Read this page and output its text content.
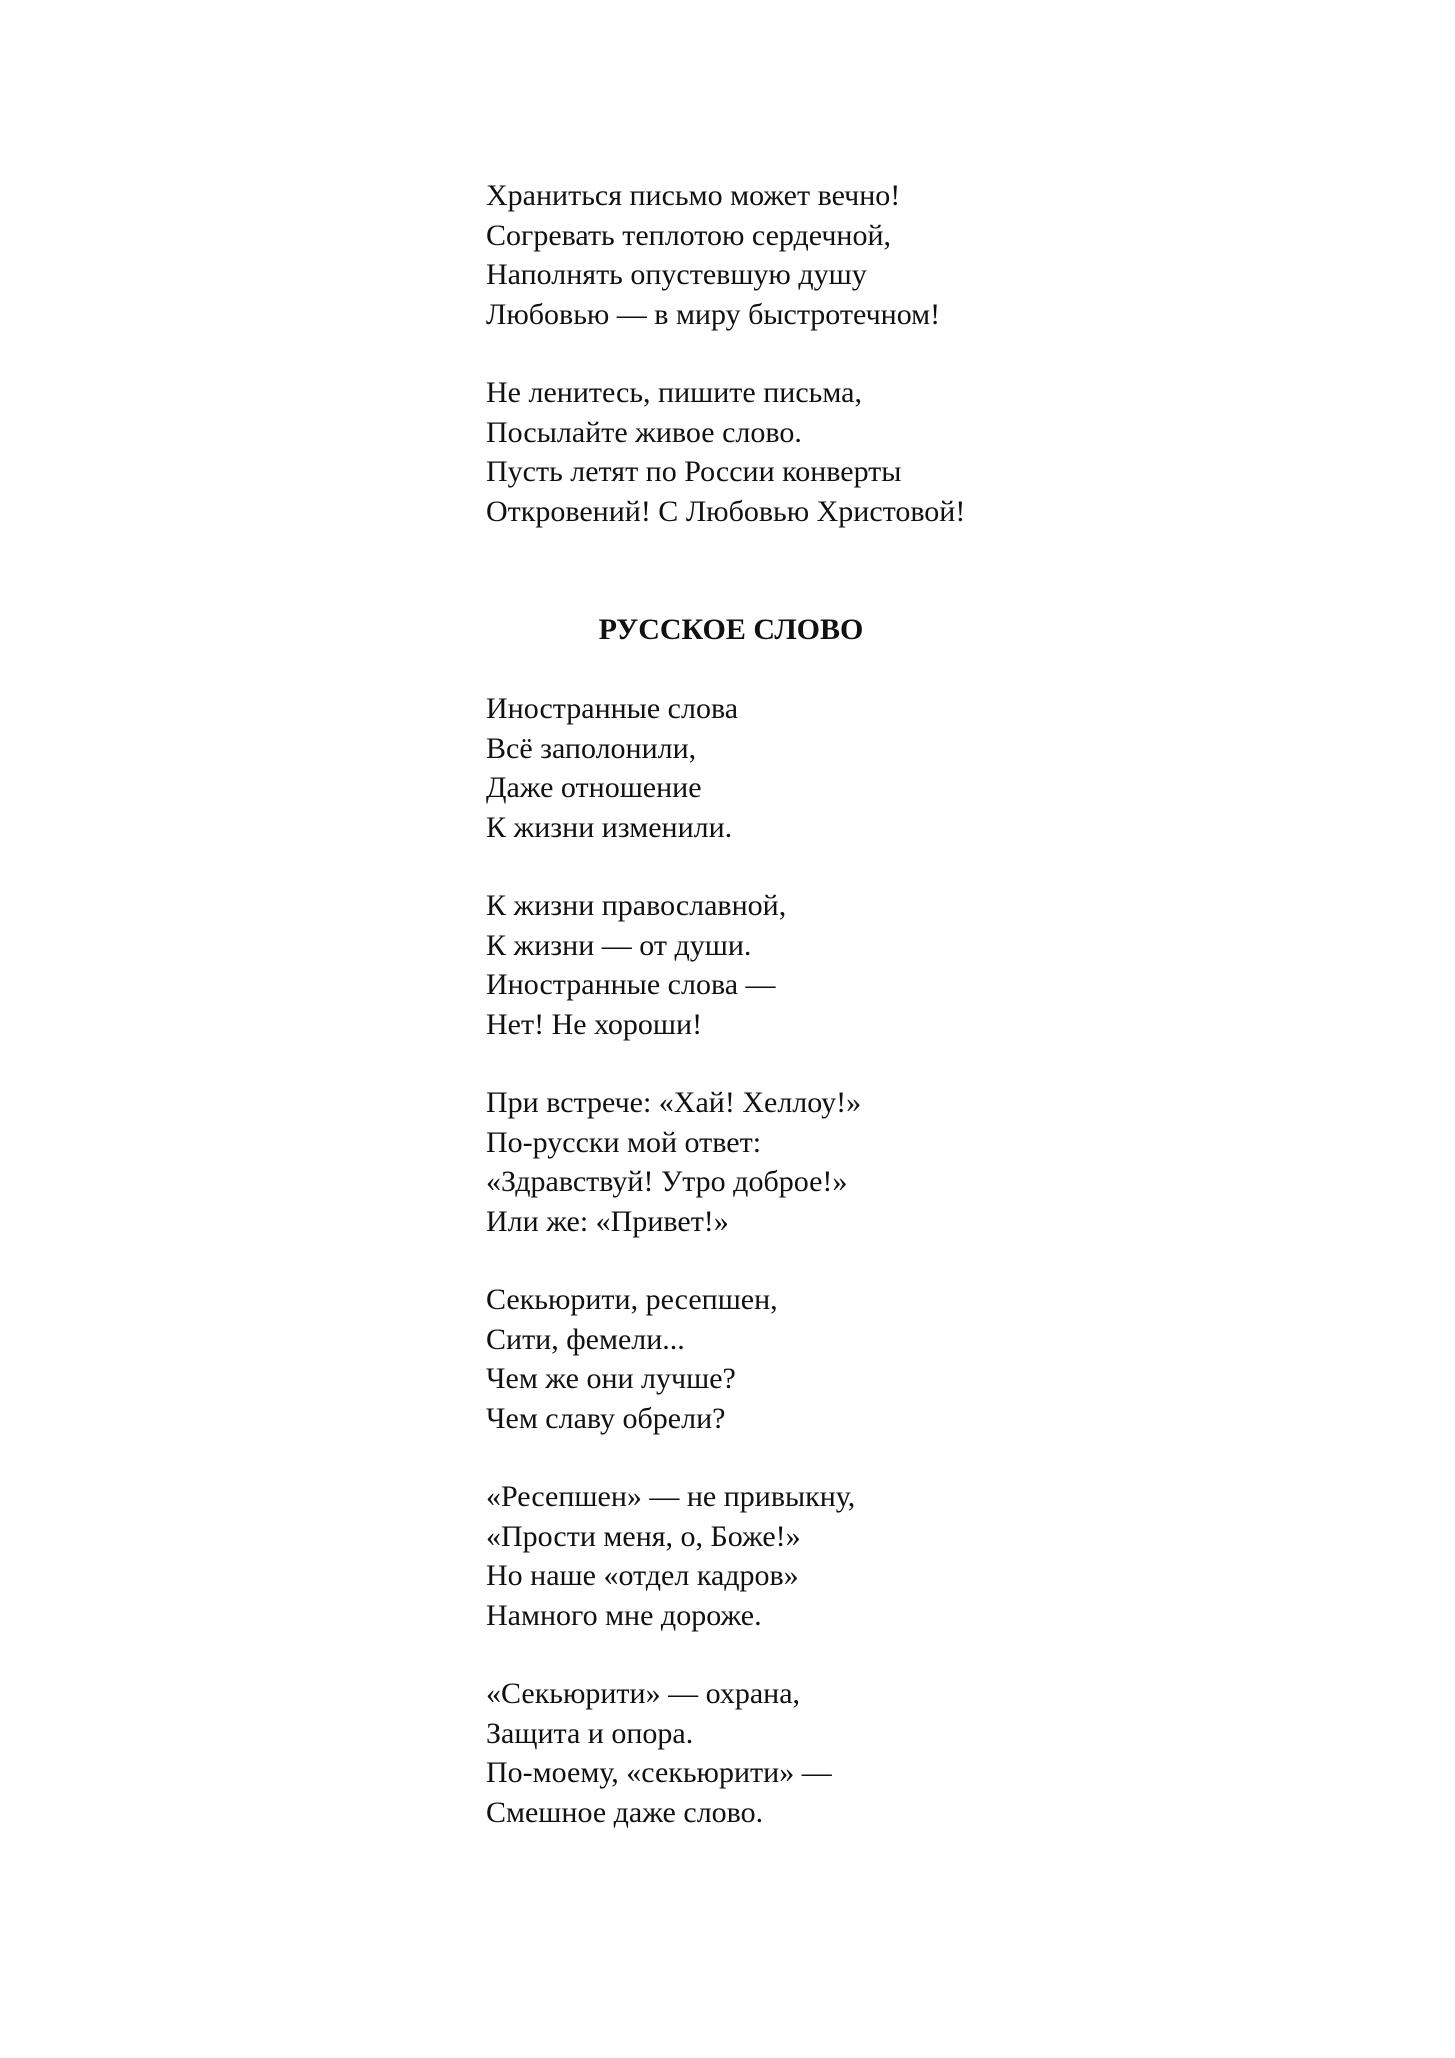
Храниться письмо может вечно!
Согревать теплотою сердечной,
Наполнять опустевшую душу
Любовью — в миру быстротечном!
Не ленитесь, пишите письма,
Посылайте живое слово.
Пусть летят по России конверты
Откровений! С Любовью Христовой!
РУССКОЕ СЛОВО
Иностранные слова
Всё заполонили,
Даже отношение
К жизни изменили.
К жизни православной,
К жизни — от души.
Иностранные слова —
Нет! Не хороши!
При встрече: «Хай! Хеллоу!»
По-русски мой ответ:
«Здравствуй! Утро доброе!»
Или же: «Привет!»
Секьюрити, ресепшен,
Сити, фемели...
Чем же они лучше?
Чем славу обрели?
«Ресепшен» — не привыкну,
«Прости меня, о, Боже!»
Но наше «отдел кадров»
Намного мне дороже.
«Секьюрити» — охрана,
Защита и опора.
По-моему, «секьюрити» —
Смешное даже слово.
